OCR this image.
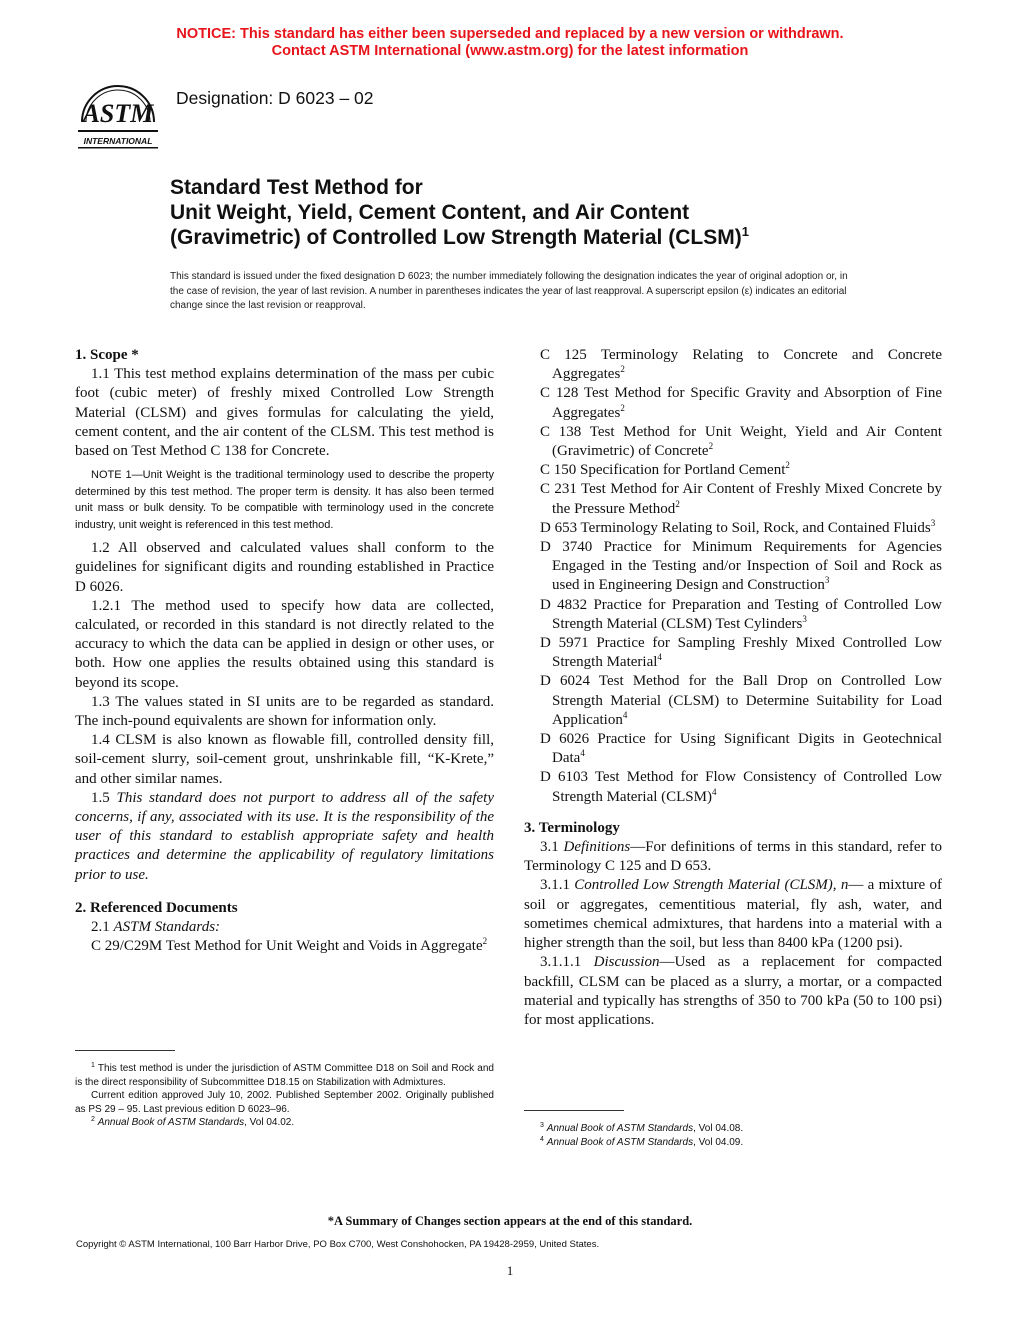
NOTICE: This standard has either been superseded and replaced by a new version or withdrawn.
Contact ASTM International (www.astm.org) for the latest information
ASTM
INTERNATIONAL
Designation: D 6023 – 02
Standard Test Method for
Unit Weight, Yield, Cement Content, and Air Content
(Gravimetric) of Controlled Low Strength Material (CLSM)$^1$
This standard is issued under the fixed designation D 6023; the number immediately following the designation indicates the year of original adoption or, in the case of revision, the year of last revision. A number in parentheses indicates the year of last reapproval. A superscript epsilon (ε) indicates an editorial change since the last revision or reapproval.

1. Scope *

1.1 This test method explains determination of the mass per cubic foot (cubic meter) of freshly mixed Controlled Low Strength Material (CLSM) and gives formulas for calculating the yield, cement content, and the air content of the CLSM. This test method is based on Test Method C 138 for Concrete.

NOTE 1—Unit Weight is the traditional terminology used to describe the property determined by this test method. The proper term is density. It has also been termed unit mass or bulk density. To be compatible with terminology used in the concrete industry, unit weight is referenced in this test method.

1.2 All observed and calculated values shall conform to the guidelines for significant digits and rounding established in Practice D 6026.

1.2.1 The method used to specify how data are collected, calculated, or recorded in this standard is not directly related to the accuracy to which the data can be applied in design or other uses, or both. How one applies the results obtained using this standard is beyond its scope.

1.3 The values stated in SI units are to be regarded as standard. The inch-pound equivalents are shown for information only.

1.4 CLSM is also known as flowable fill, controlled density fill, soil-cement slurry, soil-cement grout, unshrinkable fill, “K-Krete,” and other similar names.

1.5 This standard does not purport to address all of the safety concerns, if any, associated with its use. It is the responsibility of the user of this standard to establish appropriate safety and health practices and determine the applicability of regulatory limitations prior to use.

2. Referenced Documents

2.1 ASTM Standards:

C 29/C29M Test Method for Unit Weight and Voids in Aggregate$^2$

C 125 Terminology Relating to Concrete and Concrete Aggregates$^2$

C 128 Test Method for Specific Gravity and Absorption of Fine Aggregates$^2$

C 138 Test Method for Unit Weight, Yield and Air Content (Gravimetric) of Concrete$^2$

C 150 Specification for Portland Cement$^2$

C 231 Test Method for Air Content of Freshly Mixed Concrete by the Pressure Method$^2$

D 653 Terminology Relating to Soil, Rock, and Contained Fluids$^3$

D 3740 Practice for Minimum Requirements for Agencies Engaged in the Testing and/or Inspection of Soil and Rock as used in Engineering Design and Construction$^3$

D 4832 Practice for Preparation and Testing of Controlled Low Strength Material (CLSM) Test Cylinders$^3$

D 5971 Practice for Sampling Freshly Mixed Controlled Low Strength Material$^4$

D 6024 Test Method for the Ball Drop on Controlled Low Strength Material (CLSM) to Determine Suitability for Load Application$^4$

D 6026 Practice for Using Significant Digits in Geotechnical Data$^4$

D 6103 Test Method for Flow Consistency of Controlled Low Strength Material (CLSM)$^4$

3. Terminology

3.1 Definitions—For definitions of terms in this standard, refer to Terminology C 125 and D 653.

3.1.1 Controlled Low Strength Material (CLSM), n— a mixture of soil or aggregates, cementitious material, fly ash, water, and sometimes chemical admixtures, that hardens into a material with a higher strength than the soil, but less than 8400 kPa (1200 psi).

3.1.1.1 Discussion—Used as a replacement for compacted backfill, CLSM can be placed as a slurry, a mortar, or a compacted material and typically has strengths of 350 to 700 kPa (50 to 100 psi) for most applications.

$^1$ This test method is under the jurisdiction of ASTM Committee D18 on Soil and Rock and is the direct responsibility of Subcommittee D18.15 on Stabilization with Admixtures.

Current edition approved July 10, 2002. Published September 2002. Originally published as PS 29 – 95. Last previous edition D 6023–96.

$^2$ Annual Book of ASTM Standards, Vol 04.02.	$^3$ Annual Book of ASTM Standards, Vol 04.08.

$^4$ Annual Book of ASTM Standards, Vol 04.09.

*A Summary of Changes section appears at the end of this standard.
Copyright © ASTM International, 100 Barr Harbor Drive, PO Box C700, West Conshohocken, PA 19428-2959, United States.
1
